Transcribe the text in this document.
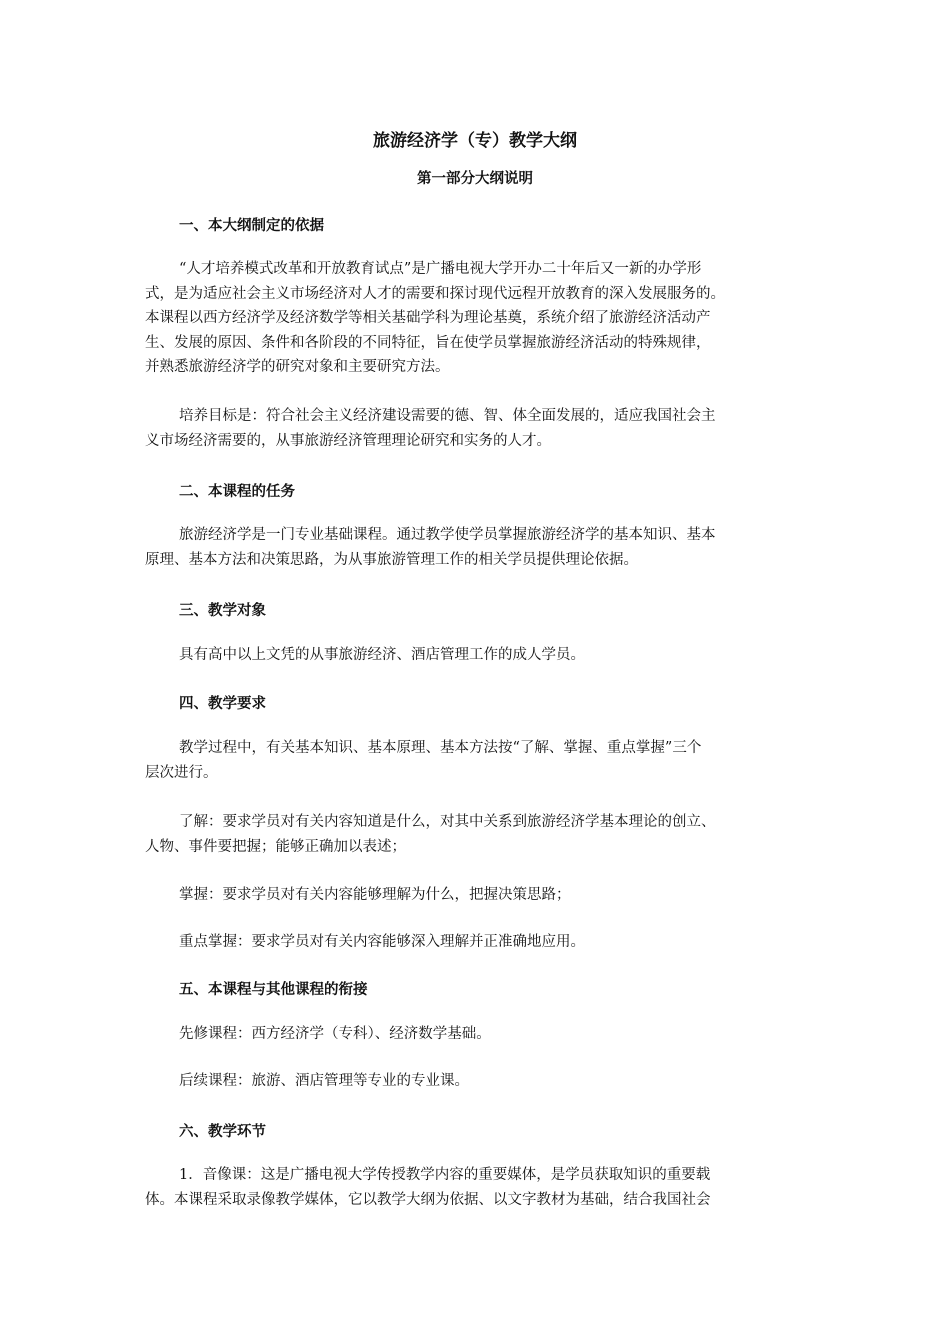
旅游经济学（专）教学大纲
第一部分大纲说明
一、本大纲制定的依据
“人才培养模式改革和开放教育试点”是广播电视大学开办二十年后又一新的办学形
式，是为适应社会主义市场经济对人才的需要和探讨现代远程开放教育的深入发展服务的。
本课程以西方经济学及经济数学等相关基础学科为理论基奠，系统介绍了旅游经济活动产
生、发展的原因、条件和各阶段的不同特征，旨在使学员掌握旅游经济活动的特殊规律，
并熟悉旅游经济学的研究对象和主要研究方法。
培养目标是：符合社会主义经济建设需要的德、智、体全面发展的，适应我国社会主
义市场经济需要的，从事旅游经济管理理论研究和实务的人才。
二、本课程的任务
旅游经济学是一门专业基础课程。通过教学使学员掌握旅游经济学的基本知识、基本
原理、基本方法和决策思路，为从事旅游管理工作的相关学员提供理论依据。
三、教学对象
具有高中以上文凭的从事旅游经济、酒店管理工作的成人学员。
四、教学要求
教学过程中，有关基本知识、基本原理、基本方法按“了解、掌握、重点掌握”三个
层次进行。
了解：要求学员对有关内容知道是什么，对其中关系到旅游经济学基本理论的创立、
人物、事件要把握；能够正确加以表述；
掌握：要求学员对有关内容能够理解为什么，把握决策思路；
重点掌握：要求学员对有关内容能够深入理解并正准确地应用。
五、本课程与其他课程的衔接
先修课程：西方经济学（专科）、经济数学基础。
后续课程：旅游、酒店管理等专业的专业课。
六、教学环节
1．音像课：这是广播电视大学传授教学内容的重要媒体，是学员获取知识的重要载
体。本课程采取录像教学媒体，它以教学大纲为依据、以文字教材为基础，结合我国社会
